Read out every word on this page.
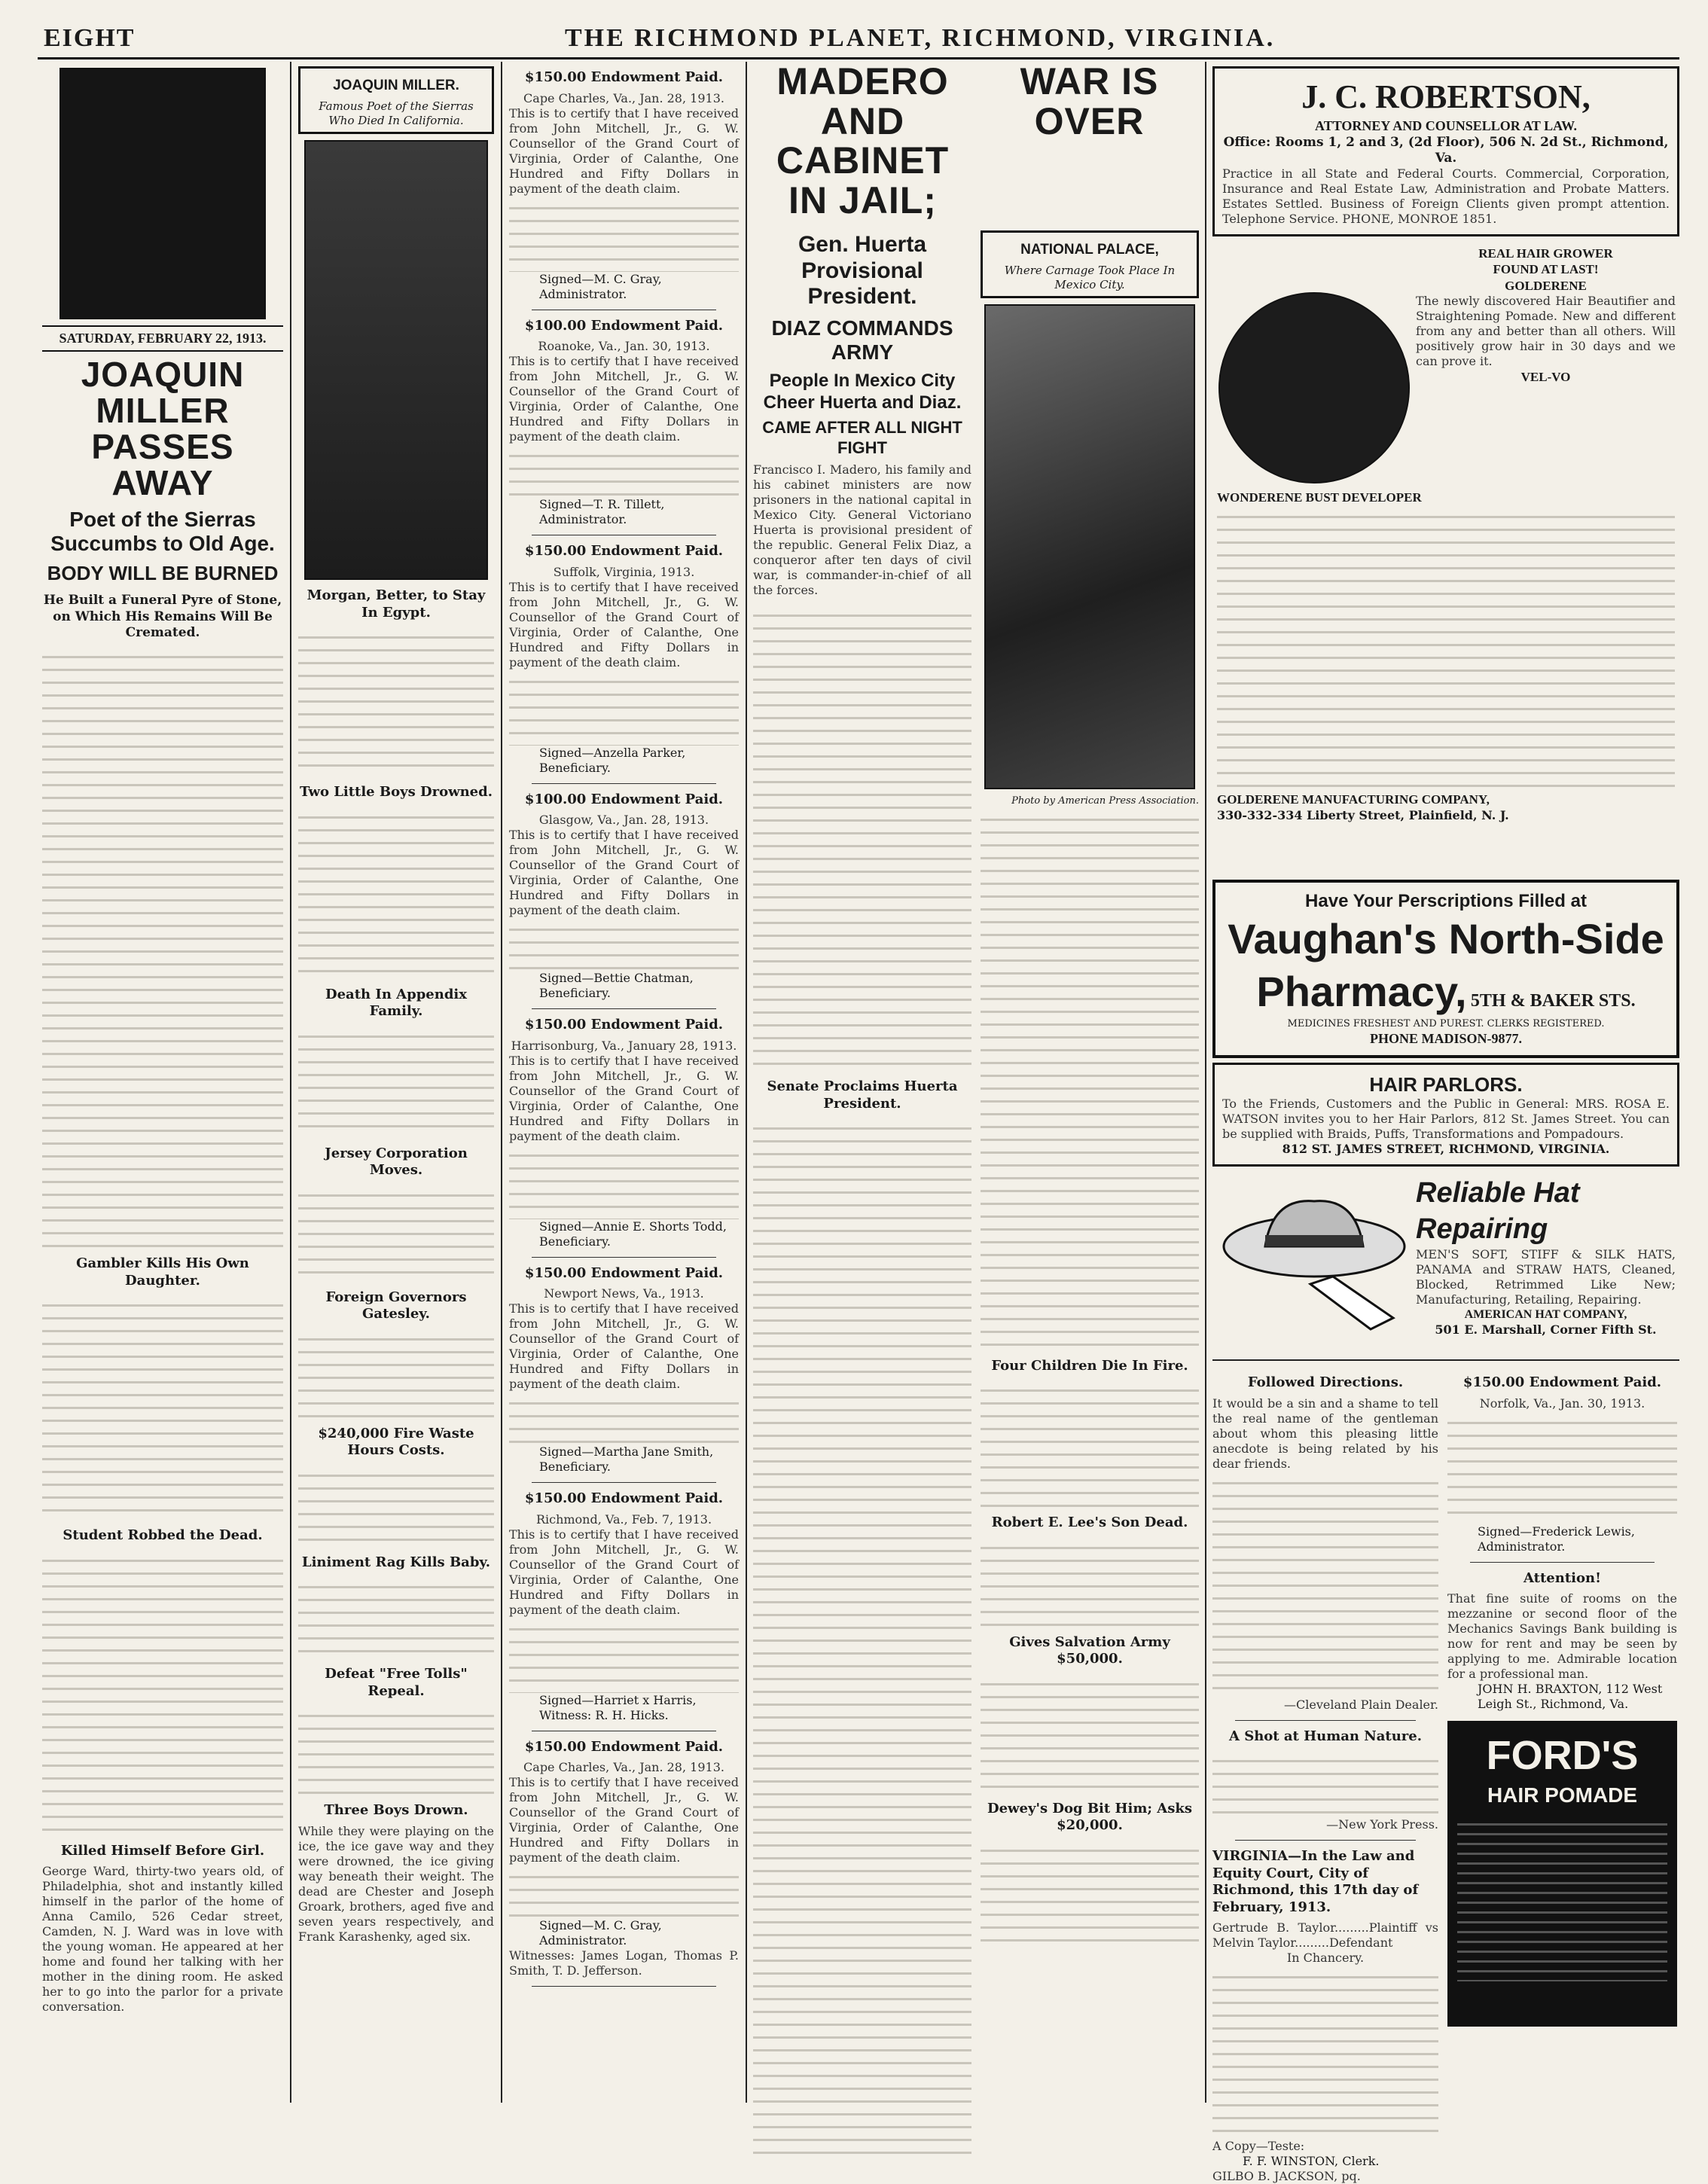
EIGHT	THE RICHMOND PLANET, RICHMOND, VIRGINIA.
SATURDAY, FEBRUARY 22, 1913.
JOAQUIN MILLER PASSES AWAY
Poet of the Sierras Succumbs to Old Age.
BODY WILL BE BURNED
He Built a Funeral Pyre of Stone, on Which His Remains Will Be Cremated.
Gambler Kills His Own Daughter.
Student Robbed the Dead.
Killed Himself Before Girl.
George Ward, thirty-two years old, of Philadelphia, shot and instantly killed himself in the parlor of the home of Anna Camilo, 526 Cedar street, Camden, N. J. Ward was in love with the young woman. He appeared at her home and found her talking with her mother in the dining room. He asked her to go into the parlor for a private conversation.
JOAQUIN MILLER.
Famous Poet of the Sierras Who Died In California.
Morgan, Better, to Stay In Egypt.
Two Little Boys Drowned.
Death In Appendix Family.
Jersey Corporation Moves.
Foreign Governors Gatesley.
$240,000 Fire Waste Hours Costs.
Liniment Rag Kills Baby.
Defeat "Free Tolls" Repeal.
Three Boys Drown.
While they were playing on the ice, the ice gave way and they were drowned, the ice giving way beneath their weight. The dead are Chester and Joseph Groark, brothers, aged five and seven years respectively, and Frank Karashenky, aged six.
$150.00 Endowment Paid.
Cape Charles, Va., Jan. 28, 1913.
This is to certify that I have received from John Mitchell, Jr., G. W. Counsellor of the Grand Court of Virginia, Order of Calanthe, One Hundred and Fifty Dollars in payment of the death claim.
Signed—M. C. Gray, Administrator.
$100.00 Endowment Paid.
Roanoke, Va., Jan. 30, 1913.
This is to certify that I have received from John Mitchell, Jr., G. W. Counsellor of the Grand Court of Virginia, Order of Calanthe, One Hundred and Fifty Dollars in payment of the death claim.
Signed—T. R. Tillett, Administrator.
$150.00 Endowment Paid.
Suffolk, Virginia, 1913.
This is to certify that I have received from John Mitchell, Jr., G. W. Counsellor of the Grand Court of Virginia, Order of Calanthe, One Hundred and Fifty Dollars in payment of the death claim.
Signed—Anzella Parker, Beneficiary.
$100.00 Endowment Paid.
Glasgow, Va., Jan. 28, 1913.
This is to certify that I have received from John Mitchell, Jr., G. W. Counsellor of the Grand Court of Virginia, Order of Calanthe, One Hundred and Fifty Dollars in payment of the death claim.
Signed—Bettie Chatman, Beneficiary.
$150.00 Endowment Paid.
Harrisonburg, Va., January 28, 1913.
This is to certify that I have received from John Mitchell, Jr., G. W. Counsellor of the Grand Court of Virginia, Order of Calanthe, One Hundred and Fifty Dollars in payment of the death claim.
Signed—Annie E. Shorts Todd, Beneficiary.
$150.00 Endowment Paid.
Newport News, Va., 1913.
This is to certify that I have received from John Mitchell, Jr., G. W. Counsellor of the Grand Court of Virginia, Order of Calanthe, One Hundred and Fifty Dollars in payment of the death claim.
Signed—Martha Jane Smith, Beneficiary.
$150.00 Endowment Paid.
Richmond, Va., Feb. 7, 1913.
This is to certify that I have received from John Mitchell, Jr., G. W. Counsellor of the Grand Court of Virginia, Order of Calanthe, One Hundred and Fifty Dollars in payment of the death claim.
Signed—Harriet x Harris, Witness: R. H. Hicks.
$150.00 Endowment Paid.
Cape Charles, Va., Jan. 28, 1913.
This is to certify that I have received from John Mitchell, Jr., G. W. Counsellor of the Grand Court of Virginia, Order of Calanthe, One Hundred and Fifty Dollars in payment of the death claim.
Signed—M. C. Gray, Administrator.
Witnesses: James Logan, Thomas P. Smith, T. D. Jefferson.
MADERO AND CABINET IN JAIL;
WAR IS OVER
Gen. Huerta Provisional President.
DIAZ COMMANDS ARMY
People In Mexico City Cheer Huerta and Diaz.
CAME AFTER ALL NIGHT FIGHT
Francisco I. Madero, his family and his cabinet ministers are now prisoners in the national capital in Mexico City. General Victoriano Huerta is provisional president of the republic. General Felix Diaz, a conqueror after ten days of civil war, is commander-in-chief of all the forces.
Senate Proclaims Huerta President.
NATIONAL PALACE,
Where Carnage Took Place In Mexico City.
Photo by American Press Association.
Four Children Die In Fire.
Robert E. Lee's Son Dead.
Gives Salvation Army $50,000.
Dewey's Dog Bit Him; Asks $20,000.
J. C. ROBERTSON,
ATTORNEY AND COUNSELLOR AT LAW.
Office: Rooms 1, 2 and 3, (2d Floor), 506 N. 2d St., Richmond, Va.
Practice in all State and Federal Courts. Commercial, Corporation, Insurance and Real Estate Law, Administration and Probate Matters. Estates Settled. Business of Foreign Clients given prompt attention. Telephone Service. PHONE, MONROE 1851.
REAL HAIR GROWER
FOUND AT LAST!
GOLDERENE
The newly discovered Hair Beautifier and Straightening Pomade. New and different from any and better than all others. Will positively grow hair in 30 days and we can prove it.
VEL-VO
WONDERENE BUST DEVELOPER
GOLDERENE MANUFACTURING COMPANY,
330-332-334 Liberty Street, Plainfield, N. J.
Have Your Perscriptions Filled at
Vaughan's North-Side
Pharmacy, 5TH & BAKER STS.
MEDICINES FRESHEST AND PUREST. CLERKS REGISTERED.
PHONE MADISON-9877.
HAIR PARLORS.
To the Friends, Customers and the Public in General: MRS. ROSA E. WATSON invites you to her Hair Parlors, 812 St. James Street. You can be supplied with Braids, Puffs, Transformations and Pompadours.
812 ST. JAMES STREET, RICHMOND, VIRGINIA.
Reliable Hat
Repairing
MEN'S SOFT, STIFF & SILK HATS, PANAMA and STRAW HATS, Cleaned, Blocked, Retrimmed Like New; Manufacturing, Retailing, Repairing.
AMERICAN HAT COMPANY,
501 E. Marshall, Corner Fifth St.
Followed Directions.
It would be a sin and a shame to tell the real name of the gentleman about whom this pleasing little anecdote is being related by his dear friends.
—Cleveland Plain Dealer.
A Shot at Human Nature.
—New York Press.
VIRGINIA—In the Law and Equity Court, City of Richmond, this 17th day of February, 1913.
Gertrude B. Taylor.........Plaintiff vs Melvin Taylor.........Defendant
In Chancery.
A Copy—Teste:
F. F. WINSTON, Clerk.
GILBO B. JACKSON, pq.
$150.00 Endowment Paid.
Norfolk, Va., Jan. 30, 1913.
Signed—Frederick Lewis, Administrator.
Attention!
That fine suite of rooms on the mezzanine or second floor of the Mechanics Savings Bank building is now for rent and may be seen by applying to me. Admirable location for a professional man.
JOHN H. BRAXTON, 112 West Leigh St., Richmond, Va.
FORD'S
HAIR POMADE
